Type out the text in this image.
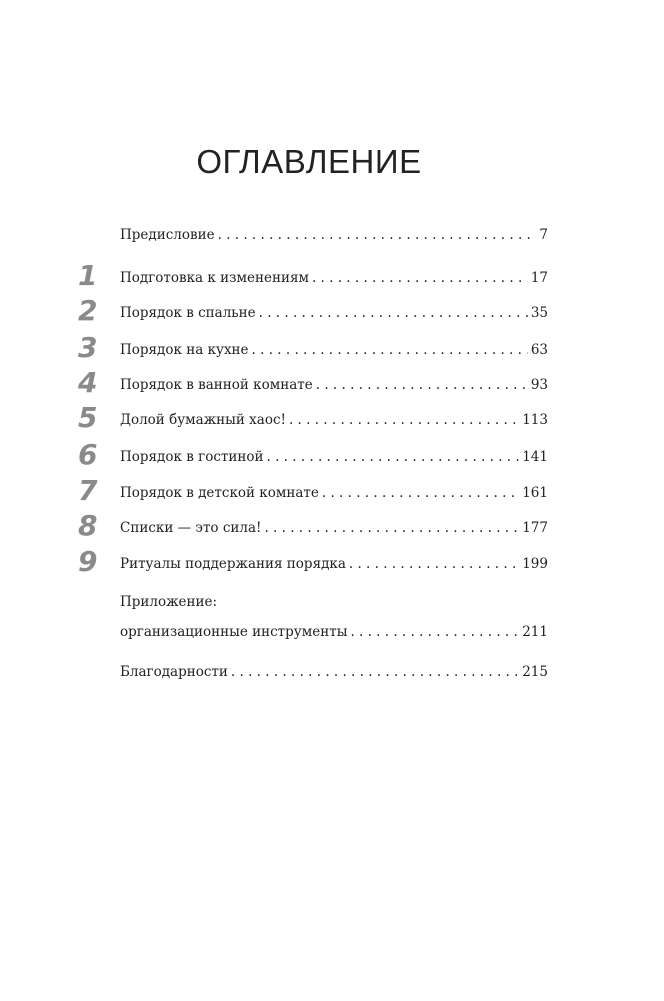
ОГЛАВЛЕНИЕ
Предисловие . . .	7
1 Подготовка к изменениям . . .	17
2 Порядок в спальне . . .	35
3 Порядок на кухне . . .	63
4 Порядок в ванной комнате . . .	93
5 Долой бумажный хаос! . . .	113
6 Порядок в гостиной . . .	141
7 Порядок в детской комнате . . .	161
8 Списки — это сила! . . .	177
9 Ритуалы поддержания порядка . . .	199
Приложение:
организационные инструменты . . .	211
Благодарности . . .	215
